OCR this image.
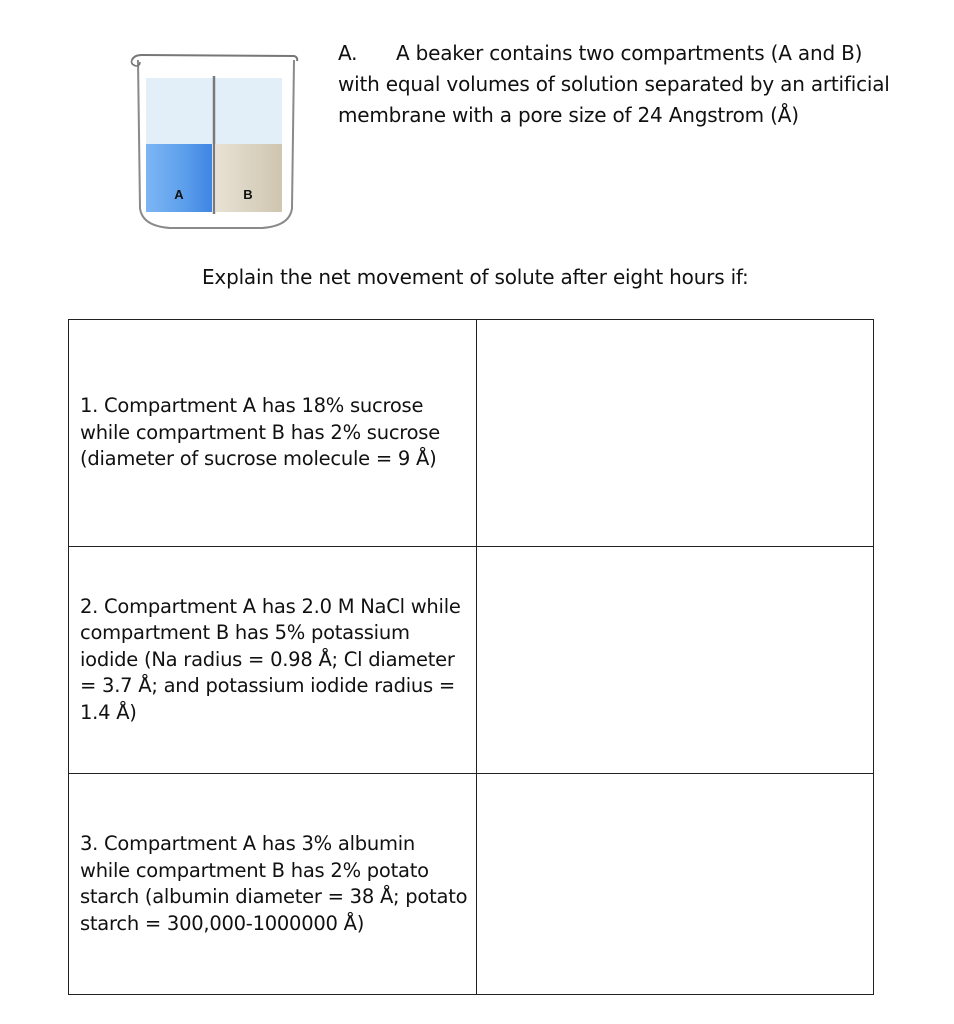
A	B
A. A beaker contains two compartments (A and B)
with equal volumes of solution separated by an artificial membrane with a pore size of 24 Angstrom (Å)
Explain the net movement of solute after eight hours if:
1. Compartment A has 18% sucrose while compartment B has 2% sucrose (diameter of sucrose molecule = 9 Å)
2. Compartment A has 2.0 M NaCl while compartment B has 5% potassium iodide (Na radius = 0.98 Å; Cl diameter = 3.7 Å; and potassium iodide radius = 1.4 Å)
3. Compartment A has 3% albumin while compartment B has 2% potato starch (albumin diameter = 38 Å; potato starch = 300,000-1000000 Å)
